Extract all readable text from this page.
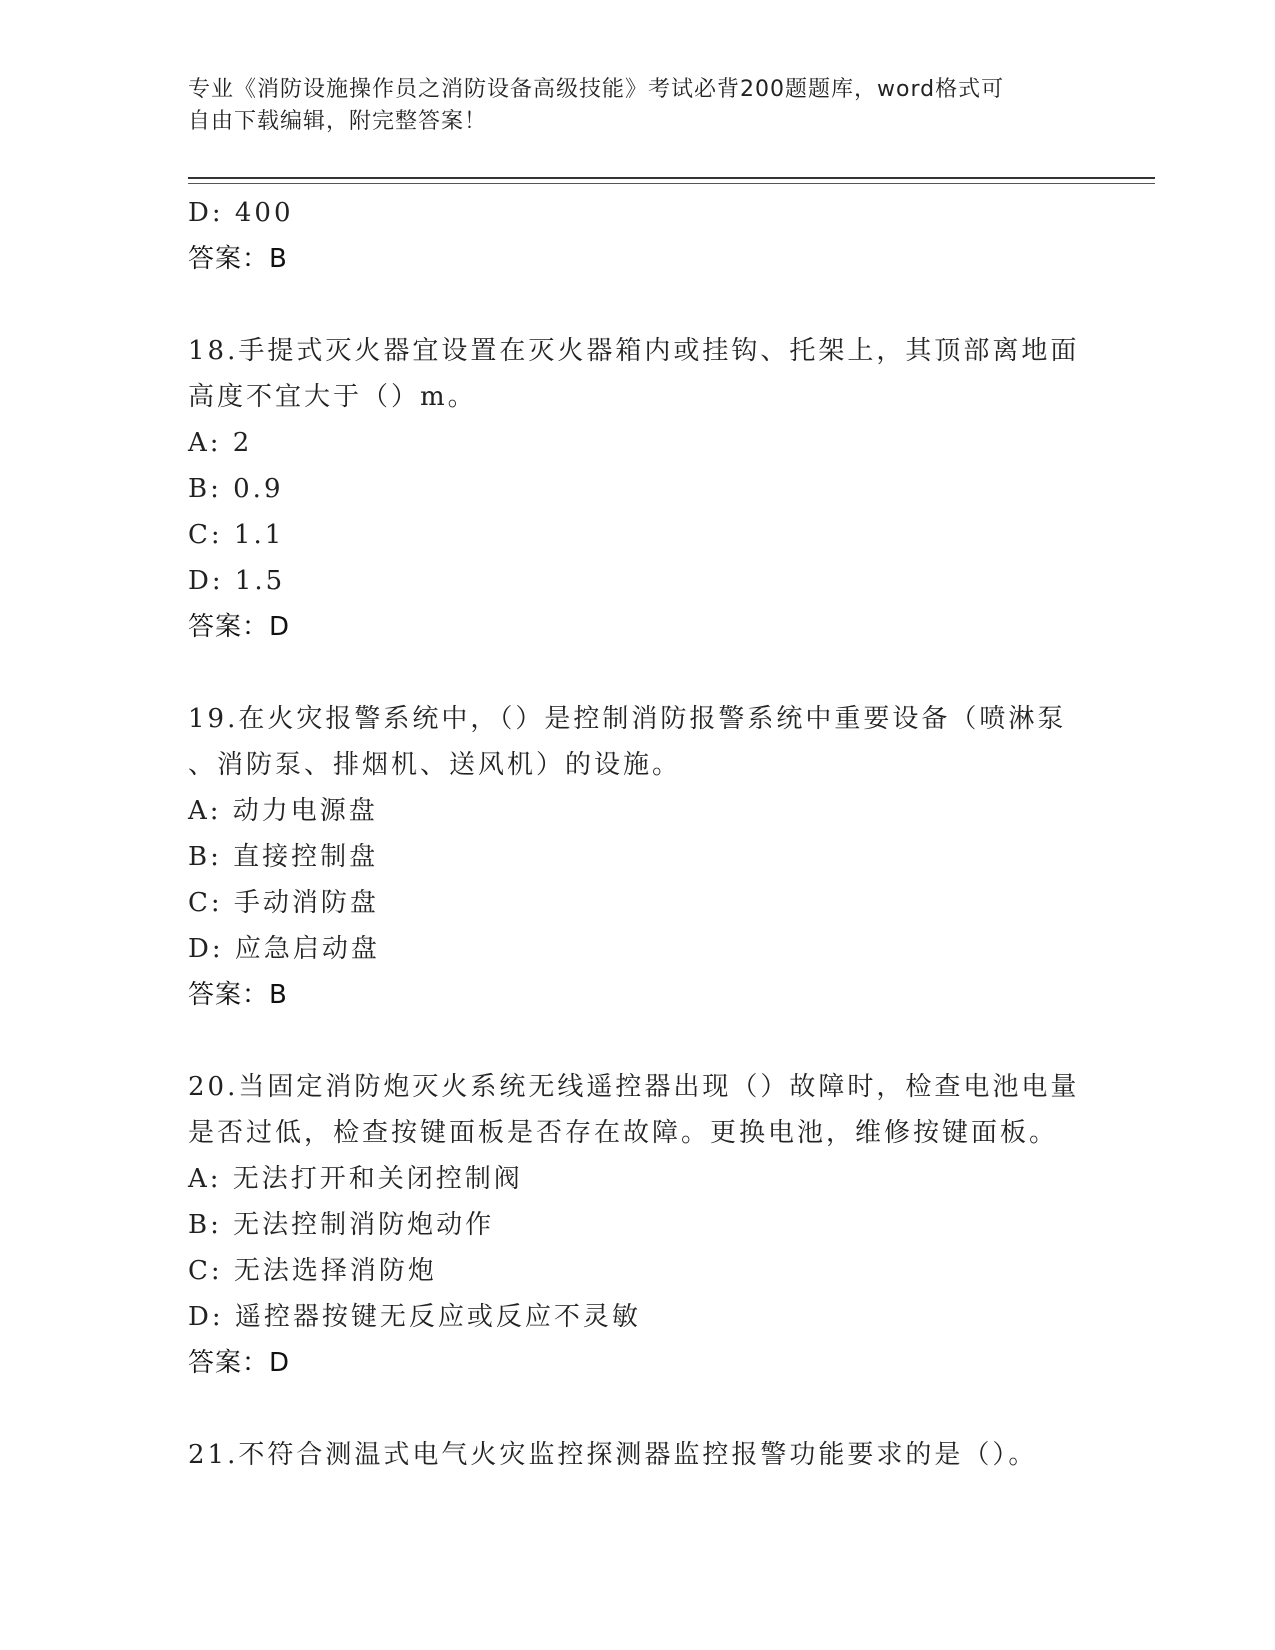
专业《消防设施操作员之消防设备高级技能》考试必背200题题库，word格式可
自由下载编辑，附完整答案！
D: 400
答案：B
18.手提式灭火器宜设置在灭火器箱内或挂钩、托架上，其顶部离地面
高度不宜大于（）m。
A: 2
B: 0.9
C: 1.1
D: 1.5
答案：D
19.在火灾报警系统中，（）是控制消防报警系统中重要设备（喷淋泵
、消防泵、排烟机、送风机）的设施。
A: 动力电源盘
B: 直接控制盘
C: 手动消防盘
D: 应急启动盘
答案：B
20.当固定消防炮灭火系统无线遥控器出现（）故障时，检查电池电量
是否过低，检查按键面板是否存在故障。更换电池，维修按键面板。
A: 无法打开和关闭控制阀
B: 无法控制消防炮动作
C: 无法选择消防炮
D: 遥控器按键无反应或反应不灵敏
答案：D
21.不符合测温式电气火灾监控探测器监控报警功能要求的是（）。
